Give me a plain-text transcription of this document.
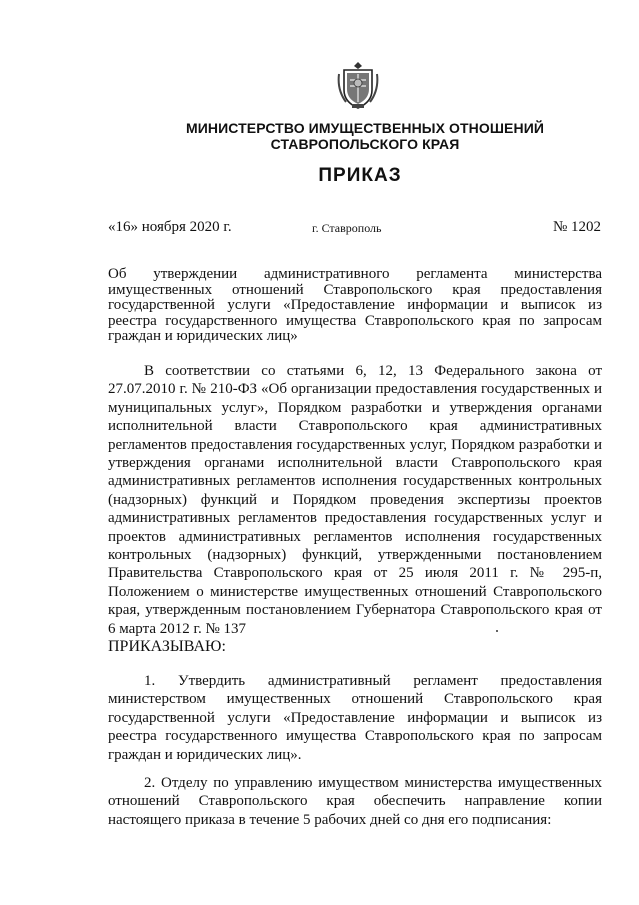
МИНИСТЕРСТВО ИМУЩЕСТВЕННЫХ ОТНОШЕНИЙ
СТАВРОПОЛЬСКОГО КРАЯ
ПРИКАЗ
«16» ноября 2020 г.	г. Ставрополь	№ 1202
Об утверждении административного регламента министерства имущественных отношений Ставропольского края предоставления государственной услуги «Предоставление информации и выписок из реестра государственного имущества Ставропольского края по запросам граждан и юридических лиц»
В соответствии со статьями 6, 12, 13 Федерального закона от 27.07.2010 г. № 210-ФЗ «Об организации предоставления государственных и муниципальных услуг», Порядком разработки и утверждения органами исполнительной власти Ставропольского края административных регламентов предоставления государственных услуг, Порядком разработки и утверждения органами исполнительной власти Ставропольского края административных регламентов исполнения государственных контрольных (надзорных) функций и Порядком проведения экспертизы проектов административных регламентов предоставления государственных услуг и проектов административных регламентов исполнения государственных контрольных (надзорных) функций, утвержденными постановлением Правительства Ставропольского края от 25 июля 2011 г. № 295-п, Положением о министерстве имущественных отношений Ставропольского края, утвержденным постановлением Губернатора Ставропольского края от 6 марта 2012 г. № 137
ПРИКАЗЫВАЮ:
1. Утвердить административный регламент предоставления министерством имущественных отношений Ставропольского края государственной услуги «Предоставление информации и выписок из реестра государственного имущества Ставропольского края по запросам граждан и юридических лиц».
2. Отделу по управлению имуществом министерства имущественных отношений Ставропольского края обеспечить направление копии настоящего приказа в течение 5 рабочих дней со дня его подписания:
